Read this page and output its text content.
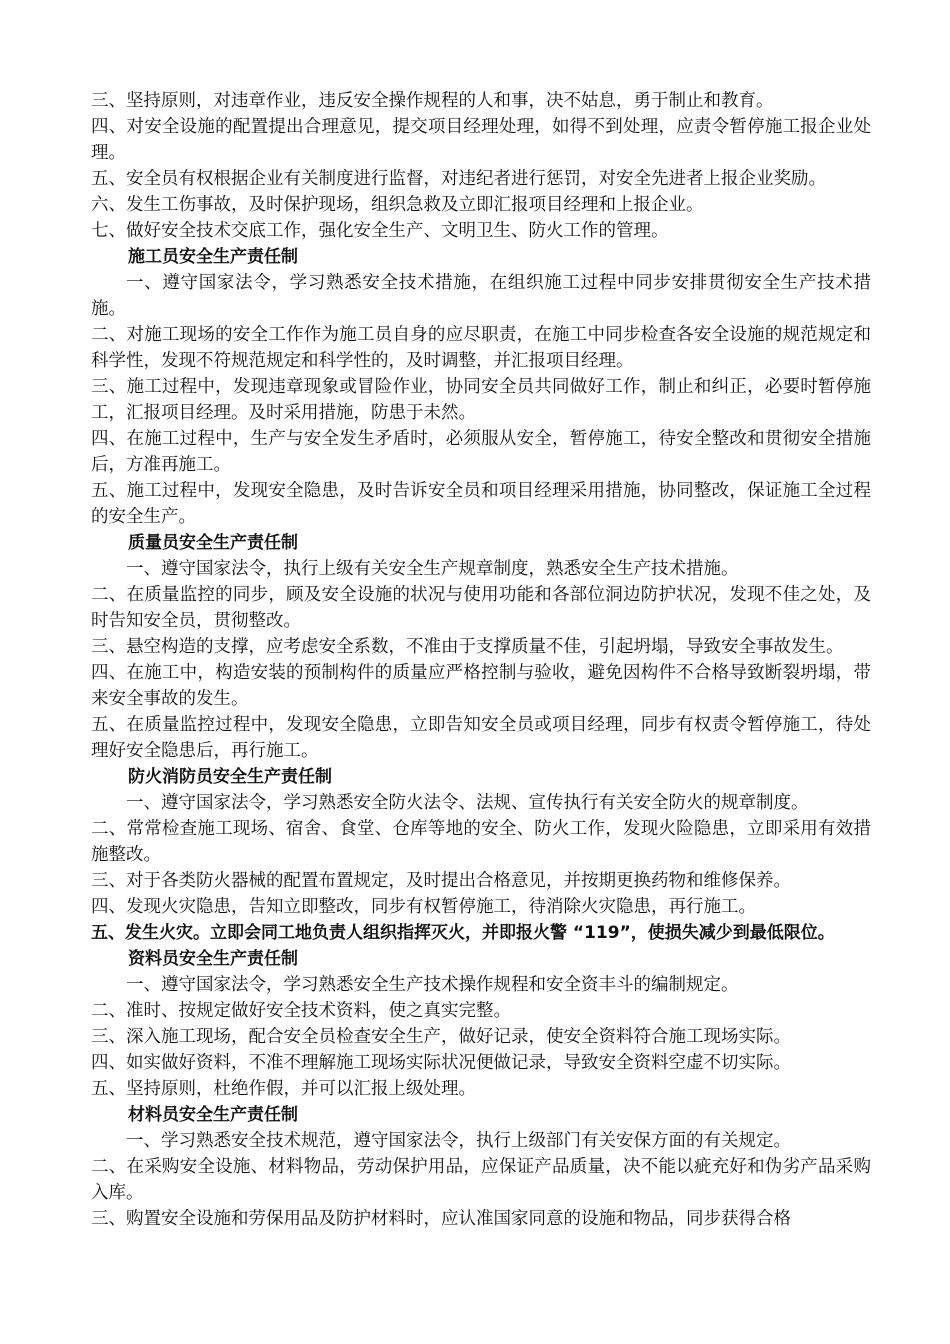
三、坚持原则，对违章作业，违反安全操作规程的人和事，决不姑息，勇于制止和教育。

四、对安全设施的配置提出合理意见，提交项目经理处理，如得不到处理，应责令暂停施工报企业处理。

五、安全员有权根据企业有关制度进行监督，对违纪者进行惩罚，对安全先进者上报企业奖励。

六、发生工伤事故，及时保护现场，组织急救及立即汇报项目经理和上报企业。

七、做好安全技术交底工作，强化安全生产、文明卫生、防火工作的管理。

施工员安全生产责任制

一、遵守国家法令，学习熟悉安全技术措施，在组织施工过程中同步安排贯彻安全生产技术措施。

二、对施工现场的安全工作作为施工员自身的应尽职责，在施工中同步检查各安全设施的规范规定和科学性，发现不符规范规定和科学性的，及时调整，并汇报项目经理。

三、施工过程中，发现违章现象或冒险作业，协同安全员共同做好工作，制止和纠正，必要时暂停施工，汇报项目经理。及时采用措施，防患于未然。

四、在施工过程中，生产与安全发生矛盾时，必须服从安全，暂停施工，待安全整改和贯彻安全措施后，方准再施工。

五、施工过程中，发现安全隐患，及时告诉安全员和项目经理采用措施，协同整改，保证施工全过程的安全生产。

质量员安全生产责任制

一、遵守国家法令，执行上级有关安全生产规章制度，熟悉安全生产技术措施。

二、在质量监控的同步，顾及安全设施的状况与使用功能和各部位洞边防护状况，发现不佳之处，及时告知安全员，贯彻整改。

三、悬空构造的支撑，应考虑安全系数，不准由于支撑质量不佳，引起坍塌，导致安全事故发生。

四、在施工中，构造安装的预制构件的质量应严格控制与验收，避免因构件不合格导致断裂坍塌，带来安全事故的发生。

五、在质量监控过程中，发现安全隐患，立即告知安全员或项目经理，同步有权责令暂停施工，待处理好安全隐患后，再行施工。

防火消防员安全生产责任制

一、遵守国家法令，学习熟悉安全防火法令、法规、宣传执行有关安全防火的规章制度。

二、常常检查施工现场、宿舍、食堂、仓库等地的安全、防火工作，发现火险隐患，立即采用有效措施整改。

三、对于各类防火器械的配置布置规定，及时提出合格意见，并按期更换药物和维修保养。

四、发现火灾隐患，告知立即整改，同步有权暂停施工，待消除火灾隐患，再行施工。

五、发生火灾。立即会同工地负责人组织指挥灭火，并即报火警 “119”，使损失减少到最低限位。

资料员安全生产责任制

一、遵守国家法令，学习熟悉安全生产技术操作规程和安全资丰斗的编制规定。

二、准时、按规定做好安全技术资料，使之真实完整。

三、深入施工现场，配合安全员检查安全生产，做好记录，使安全资料符合施工现场实际。

四、如实做好资料，不准不理解施工现场实际状况便做记录，导致安全资料空虚不切实际。

五、坚持原则，杜绝作假，并可以汇报上级处理。

材料员安全生产责任制

一、学习熟悉安全技术规范，遵守国家法令，执行上级部门有关安保方面的有关规定。

二、在采购安全设施、材料物品，劳动保护用品，应保证产品质量，决不能以疵充好和伪劣产品采购入库。

三、购置安全设施和劳保用品及防护材料时，应认准国家同意的设施和物品，同步获得合格
